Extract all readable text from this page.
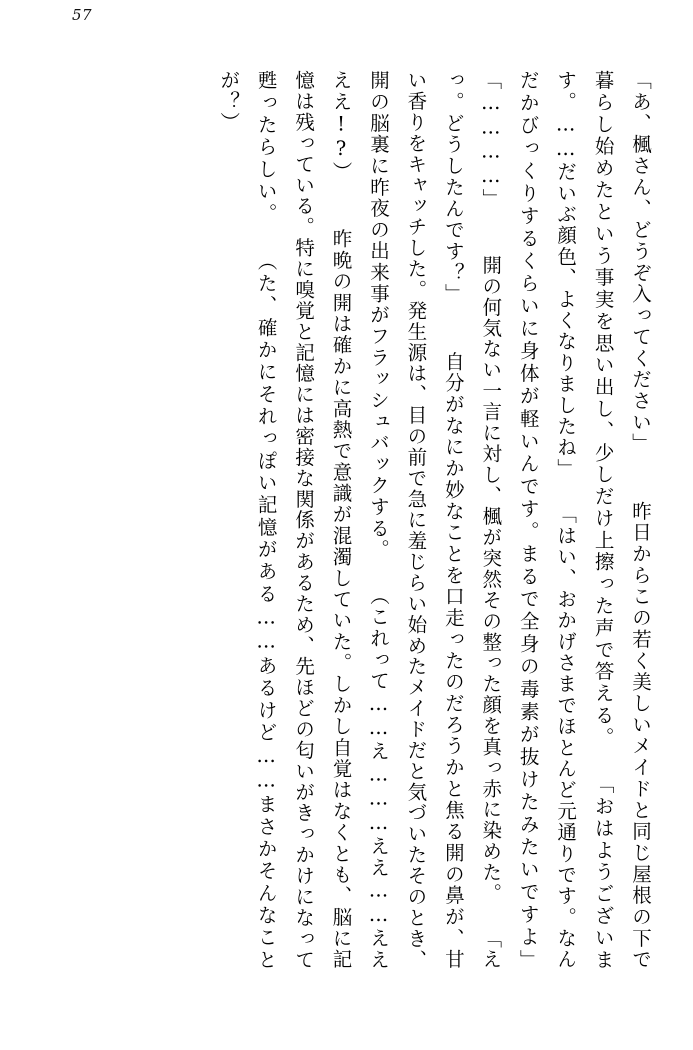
57
「あ、楓さん、どうぞ入ってください」 　昨日からこの若く美しいメイドと同じ屋根の下で暮らし始めたという事実を思い出し、少しだけ上擦った声で答える。 「おはようございます。……だいぶ顔色、よくなりましたね」 「はい、おかげさまでほとんど元通りです。なんだかびっくりするくらいに身体が軽いんです。まるで全身の毒素が抜けたみたいですよ」 「…………」 　開の何気ない一言に対し、楓が突然その整った顔を真っ赤に染めた。 「えっ。どうしたんです？」 　自分がなにか妙なことを口走ったのだろうかと焦る開の鼻が、甘い香りをキャッチした。発生源は、目の前で急に羞じらい始めたメイドだと気づいたそのとき、開の脳裏に昨夜の出来事がフラッシュバックする。 （これって……え………ええ……ええええ!?） 　昨晩の開は確かに高熱で意識が混濁していた。しかし自覚はなくとも、脳に記憶は残っている。特に嗅覚と記憶には密接な関係があるため、先ほどの匂いがきっかけになって甦ったらしい。 （た、確かにそれっぽい記憶がある……あるけど……まさかそんなことが？）
